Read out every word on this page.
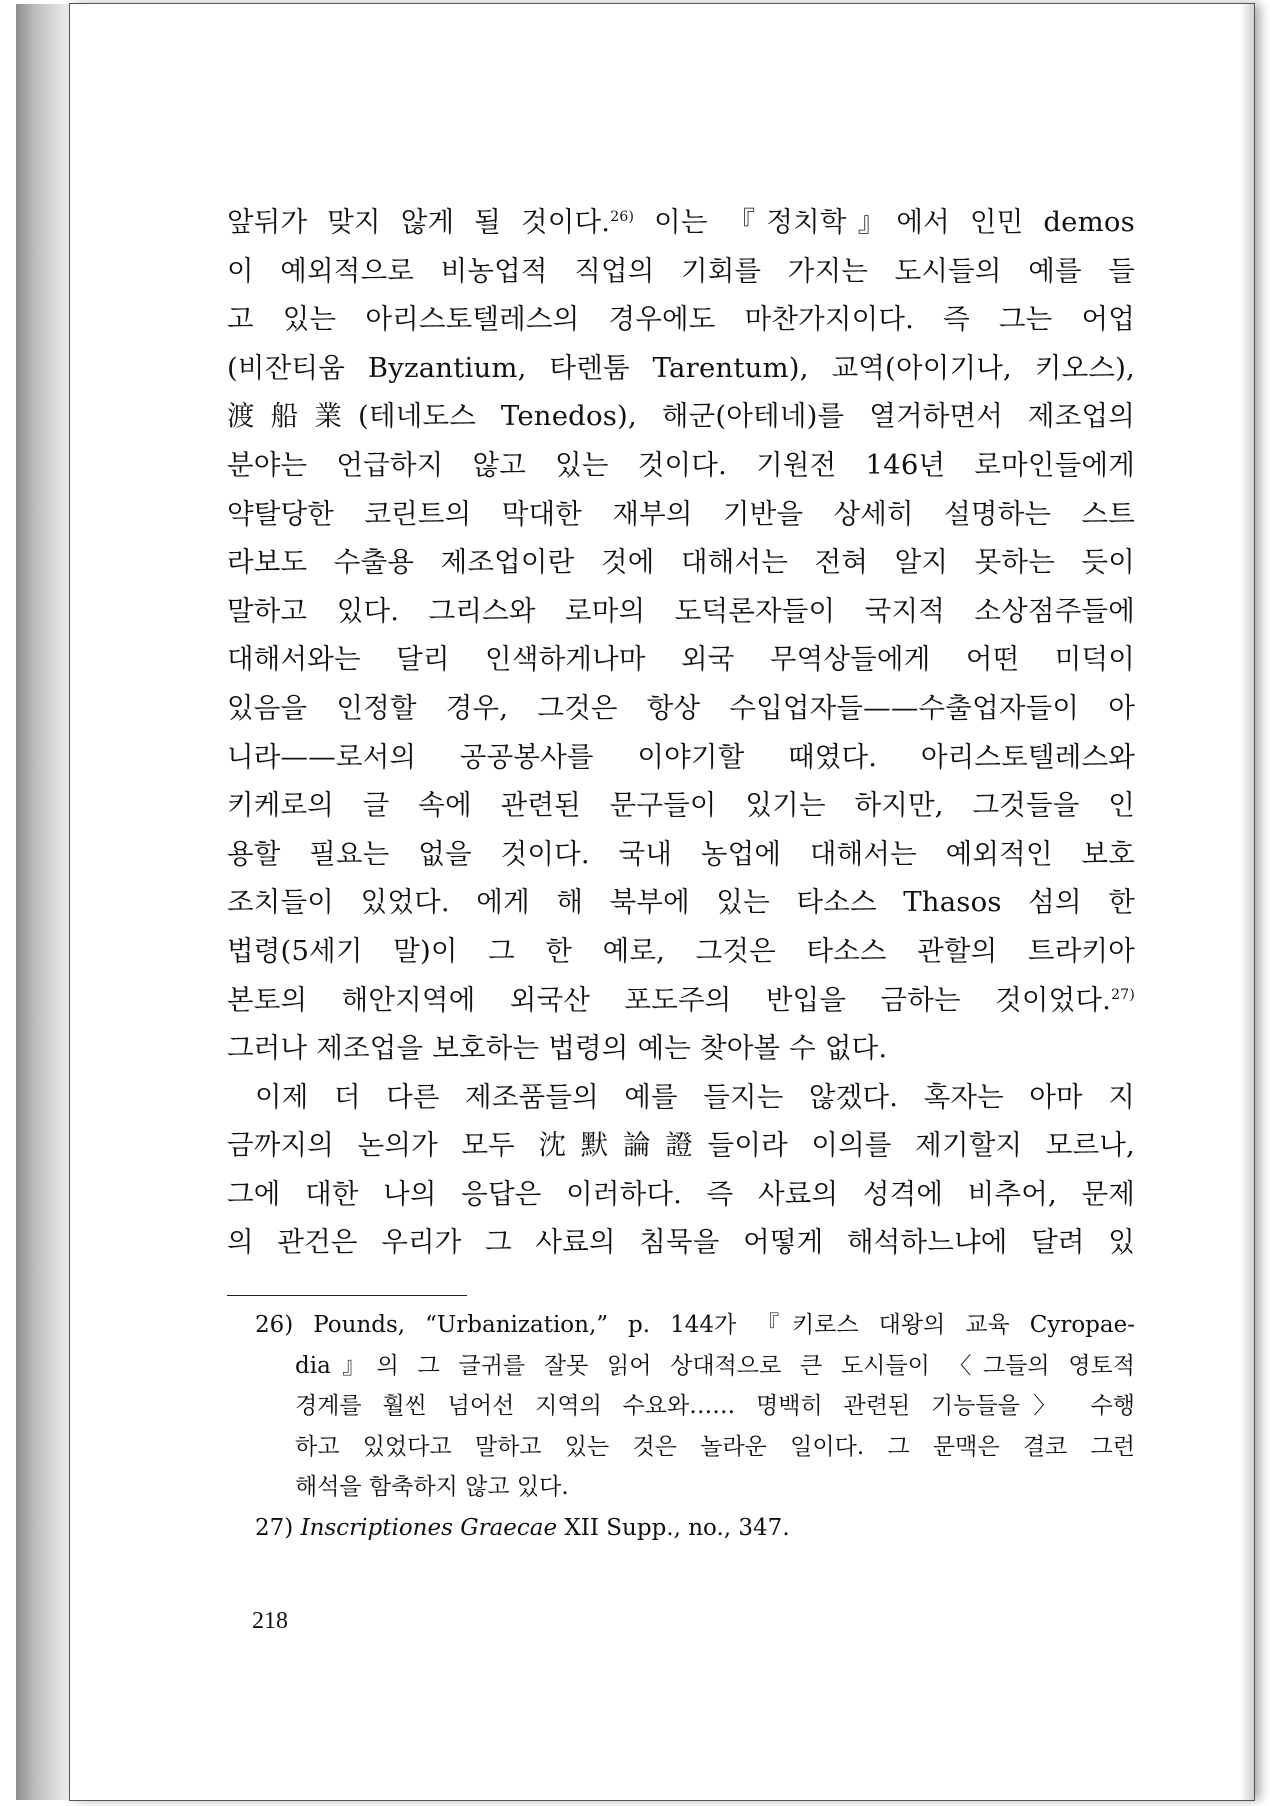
앞뒤가 맞지 않게 될 것이다.$^{26)}$ 이는 『정치학』에서 인민 demos
이 예외적으로 비농업적 직업의 기회를 가지는 도시들의 예를 들
고 있는 아리스토텔레스의 경우에도 마찬가지이다. 즉 그는 어업
(비잔티움 Byzantium, 타렌툼 Tarentum), 교역(아이기나, 키오스),
渡船業(테네도스 Tenedos), 해군(아테네)를 열거하면서 제조업의
분야는 언급하지 않고 있는 것이다. 기원전 146년 로마인들에게
약탈당한 코린트의 막대한 재부의 기반을 상세히 설명하는 스트
라보도 수출용 제조업이란 것에 대해서는 전혀 알지 못하는 듯이
말하고 있다. 그리스와 로마의 도덕론자들이 국지적 소상점주들에
대해서와는 달리 인색하게나마 외국 무역상들에게 어떤 미덕이
있음을 인정할 경우, 그것은 항상 수입업자들——수출업자들이 아
니라——로서의 공공봉사를 이야기할 때였다. 아리스토텔레스와
키케로의 글 속에 관련된 문구들이 있기는 하지만, 그것들을 인
용할 필요는 없을 것이다. 국내 농업에 대해서는 예외적인 보호
조치들이 있었다. 에게 해 북부에 있는 타소스 Thasos 섬의 한
법령(5세기 말)이 그 한 예로, 그것은 타소스 관할의 트라키아
본토의 해안지역에 외국산 포도주의 반입을 금하는 것이었다.$^{27)}$
그러나 제조업을 보호하는 법령의 예는 찾아볼 수 없다.
이제 더 다른 제조품들의 예를 들지는 않겠다. 혹자는 아마 지
금까지의 논의가 모두 沈默論證들이라 이의를 제기할지 모르나,
그에 대한 나의 응답은 이러하다. 즉 사료의 성격에 비추어, 문제
의 관건은 우리가 그 사료의 침묵을 어떻게 해석하느냐에 달려 있
26) Pounds, “Urbanization,” p. 144가 『키로스 대왕의 교육 Cyropae-
dia』의 그 글귀를 잘못 읽어 상대적으로 큰 도시들이 〈그들의 영토적
경계를 훨씬 넘어선 지역의 수요와…… 명백히 관련된 기능들을〉 수행
하고 있었다고 말하고 있는 것은 놀라운 일이다. 그 문맥은 결코 그런
해석을 함축하지 않고 있다.
27) Inscriptiones Graecae XII Supp., no., 347.
218
